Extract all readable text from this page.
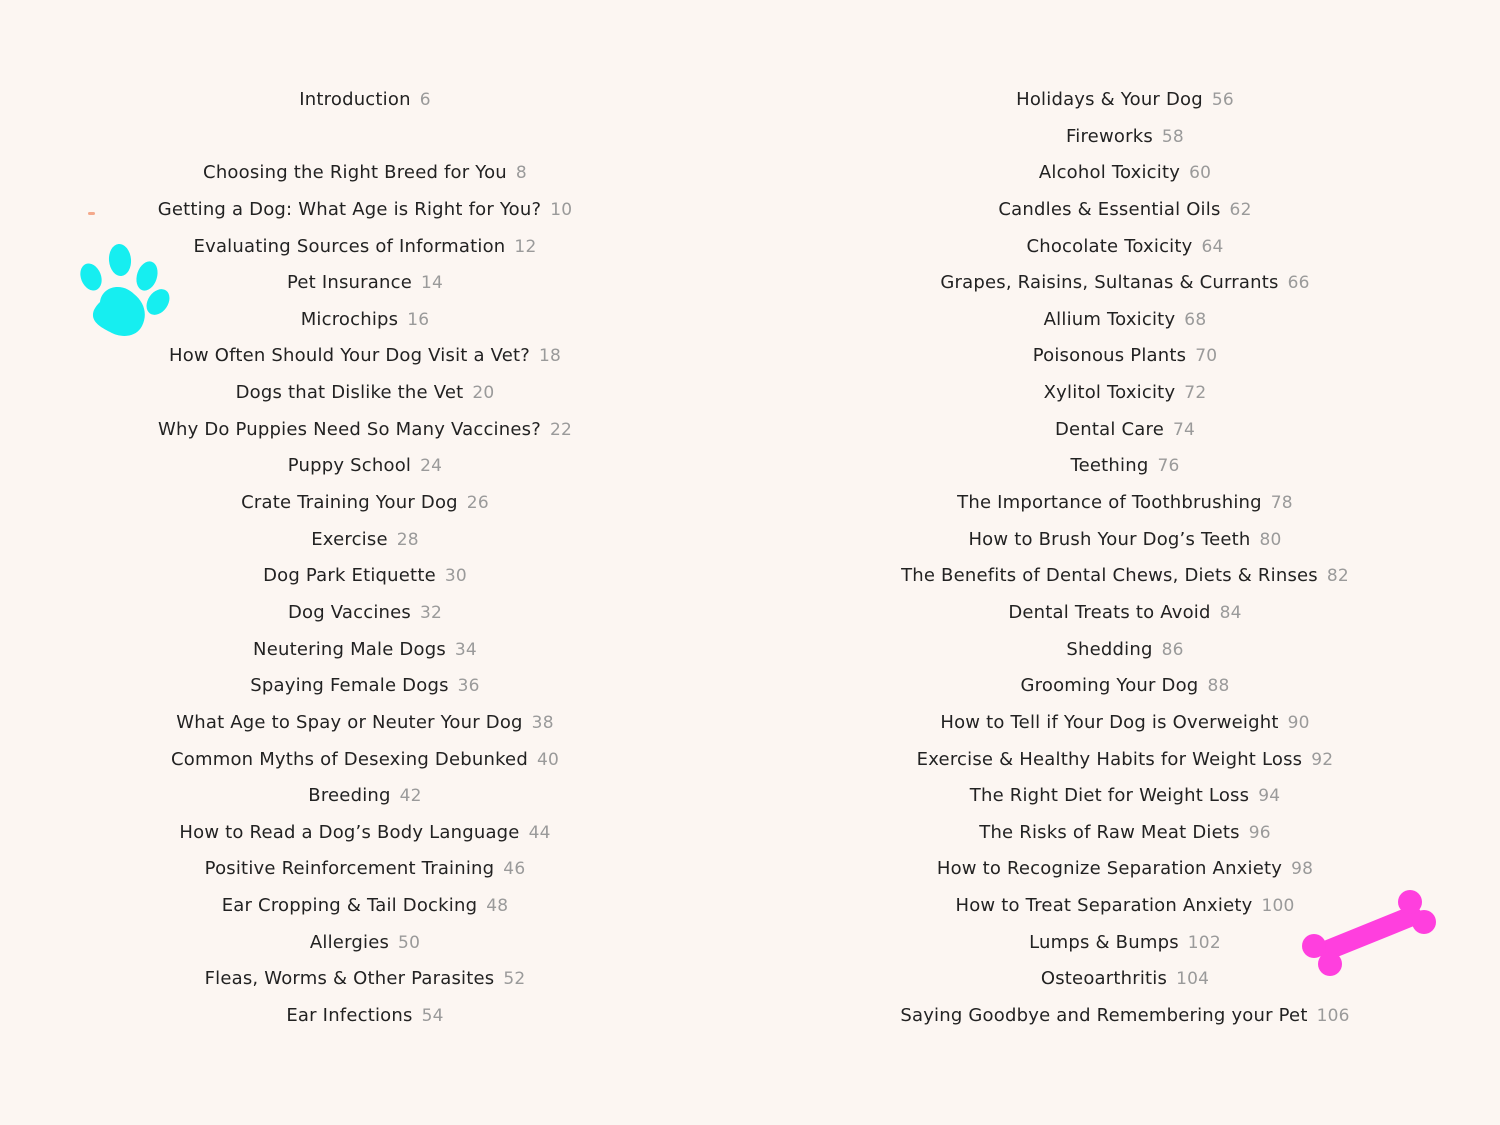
Introduction 6
Choosing the Right Breed for You 8
Getting a Dog: What Age is Right for You? 10
Evaluating Sources of Information 12
Pet Insurance 14
Microchips 16
How Often Should Your Dog Visit a Vet? 18
Dogs that Dislike the Vet 20
Why Do Puppies Need So Many Vaccines? 22
Puppy School 24
Crate Training Your Dog 26
Exercise 28
Dog Park Etiquette 30
Dog Vaccines 32
Neutering Male Dogs 34
Spaying Female Dogs 36
What Age to Spay or Neuter Your Dog 38
Common Myths of Desexing Debunked 40
Breeding 42
How to Read a Dog’s Body Language 44
Positive Reinforcement Training 46
Ear Cropping & Tail Docking 48
Allergies 50
Fleas, Worms & Other Parasites 52
Ear Infections 54
Holidays & Your Dog 56
Fireworks 58
Alcohol Toxicity 60
Candles & Essential Oils 62
Chocolate Toxicity 64
Grapes, Raisins, Sultanas & Currants 66
Allium Toxicity 68
Poisonous Plants 70
Xylitol Toxicity 72
Dental Care 74
Teething 76
The Importance of Toothbrushing 78
How to Brush Your Dog’s Teeth 80
The Benefits of Dental Chews, Diets & Rinses 82
Dental Treats to Avoid 84
Shedding 86
Grooming Your Dog 88
How to Tell if Your Dog is Overweight 90
Exercise & Healthy Habits for Weight Loss 92
The Right Diet for Weight Loss 94
The Risks of Raw Meat Diets 96
How to Recognize Separation Anxiety 98
How to Treat Separation Anxiety 100
Lumps & Bumps 102
Osteoarthritis 104
Saying Goodbye and Remembering your Pet 106
